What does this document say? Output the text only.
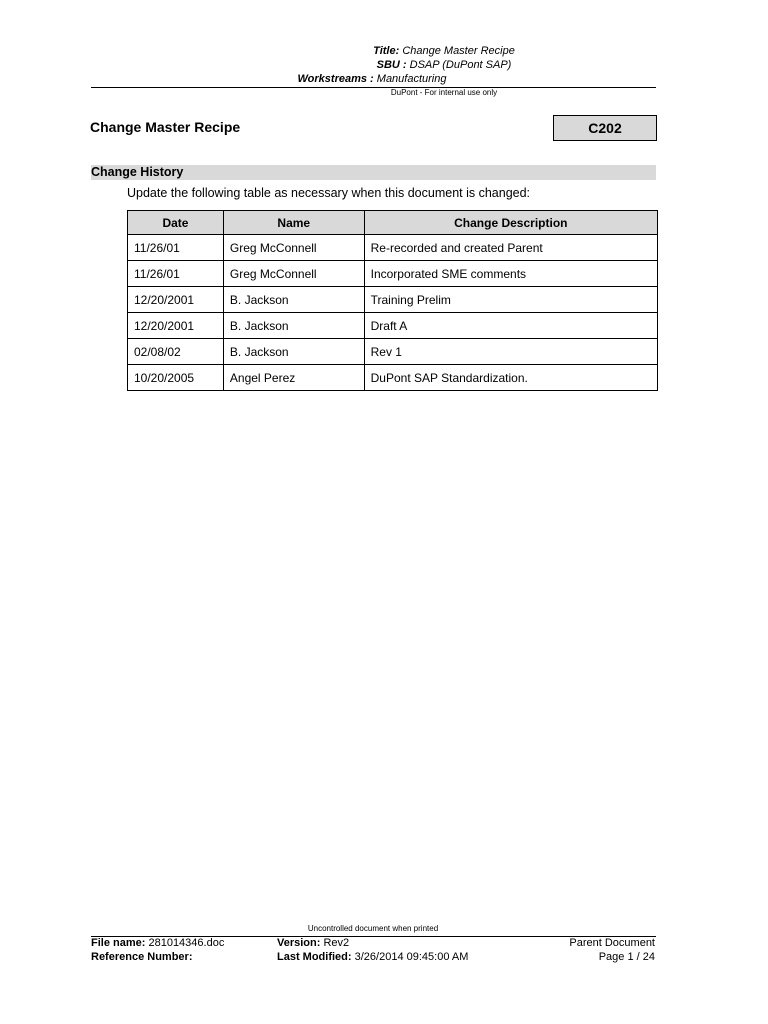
Title: Change Master Recipe
SBU : DSAP (DuPont SAP)
Workstreams : Manufacturing
DuPont - For internal use only
Change Master Recipe	C202
Change History
Update the following table as necessary when this document is changed:
Date	Name	Change Description
11/26/01	Greg McConnell	Re-recorded and created Parent
11/26/01	Greg McConnell	Incorporated SME comments
12/20/2001	B. Jackson	Training Prelim
12/20/2001	B. Jackson	Draft A
02/08/02	B. Jackson	Rev 1
10/20/2005	Angel Perez	DuPont SAP Standardization.
Uncontrolled document when printed
File name: 281014346.doc
Reference Number:
Version: Rev2
Last Modified: 3/26/2014 09:45:00 AM
Parent Document
Page 1 / 24
